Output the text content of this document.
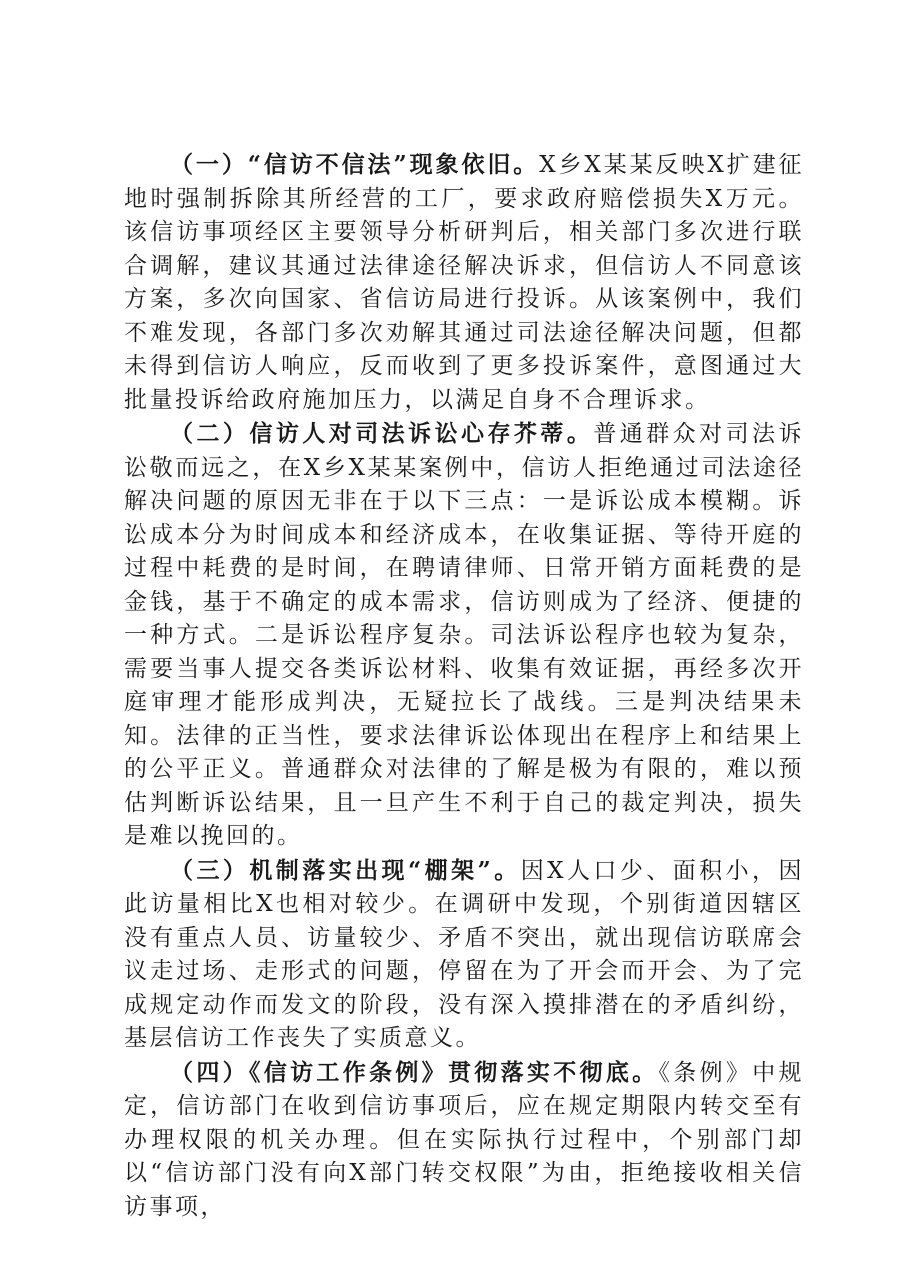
（一）“信访不信法”现象依旧。X乡X某某反映X扩建征地时强制拆除其所经营的工厂，要求政府赔偿损失X万元。该信访事项经区主要领导分析研判后，相关部门多次进行联合调解，建议其通过法律途径解决诉求，但信访人不同意该方案，多次向国家、省信访局进行投诉。从该案例中，我们不难发现，各部门多次劝解其通过司法途径解决问题，但都未得到信访人响应，反而收到了更多投诉案件，意图通过大批量投诉给政府施加压力，以满足自身不合理诉求。

（二）信访人对司法诉讼心存芥蒂。普通群众对司法诉讼敬而远之，在X乡X某某案例中，信访人拒绝通过司法途径解决问题的原因无非在于以下三点：一是诉讼成本模糊。诉讼成本分为时间成本和经济成本，在收集证据、等待开庭的过程中耗费的是时间，在聘请律师、日常开销方面耗费的是金钱，基于不确定的成本需求，信访则成为了经济、便捷的一种方式。二是诉讼程序复杂。司法诉讼程序也较为复杂，需要当事人提交各类诉讼材料、收集有效证据，再经多次开庭审理才能形成判决，无疑拉长了战线。三是判决结果未知。法律的正当性，要求法律诉讼体现出在程序上和结果上的公平正义。普通群众对法律的了解是极为有限的，难以预估判断诉讼结果，且一旦产生不利于自己的裁定判决，损失是难以挽回的。

（三）机制落实出现“棚架”。因X人口少、面积小，因此访量相比X也相对较少。在调研中发现，个别街道因辖区没有重点人员、访量较少、矛盾不突出，就出现信访联席会议走过场、走形式的问题，停留在为了开会而开会、为了完成规定动作而发文的阶段，没有深入摸排潜在的矛盾纠纷，基层信访工作丧失了实质意义。

（四）《信访工作条例》贯彻落实不彻底。《条例》中规定，信访部门在收到信访事项后，应在规定期限内转交至有办理权限的机关办理。但在实际执行过程中，个别部门却以“信访部门没有向X部门转交权限”为由，拒绝接收相关信访事项，
